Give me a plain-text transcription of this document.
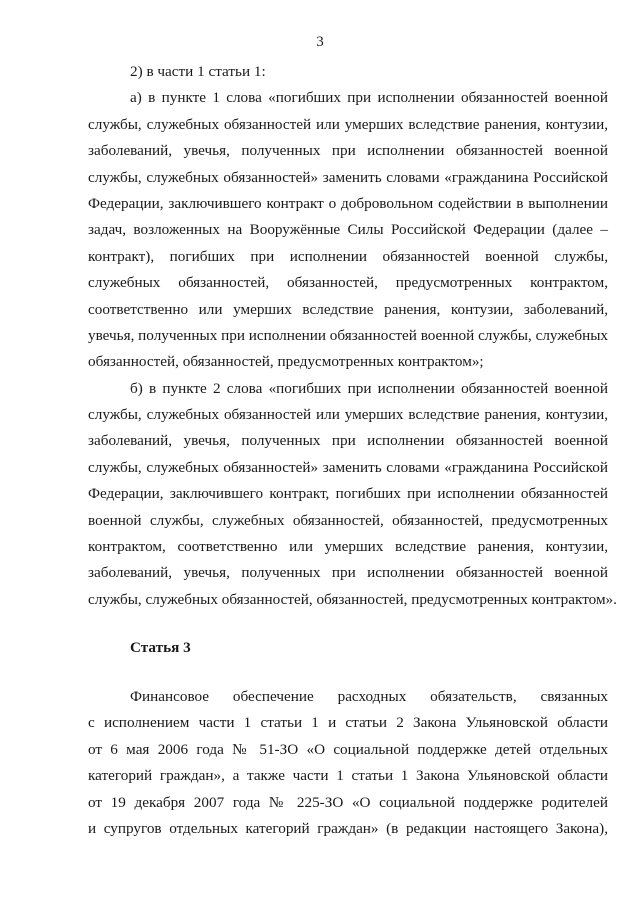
3
2) в части 1 статьи 1:
а) в пункте 1 слова «погибших при исполнении обязанностей военной
службы, служебных обязанностей или умерших вследствие ранения, контузии,
заболеваний, увечья, полученных при исполнении обязанностей военной
службы, служебных обязанностей» заменить словами «гражданина Российской
Федерации, заключившего контракт о добровольном содействии в выполнении
задач, возложенных на Вооружённые Силы Российской Федерации (далее –
контракт), погибших при исполнении обязанностей военной службы,
служебных обязанностей, обязанностей, предусмотренных контрактом,
соответственно или умерших вследствие ранения, контузии, заболеваний,
увечья, полученных при исполнении обязанностей военной службы, служебных
обязанностей, обязанностей, предусмотренных контрактом»;
б) в пункте 2 слова «погибших при исполнении обязанностей военной
службы, служебных обязанностей или умерших вследствие ранения, контузии,
заболеваний, увечья, полученных при исполнении обязанностей военной
службы, служебных обязанностей» заменить словами «гражданина Российской
Федерации, заключившего контракт, погибших при исполнении обязанностей
военной службы, служебных обязанностей, обязанностей, предусмотренных
контрактом, соответственно или умерших вследствие ранения, контузии,
заболеваний, увечья, полученных при исполнении обязанностей военной
службы, служебных обязанностей, обязанностей, предусмотренных контрактом».
Статья 3
Финансовое обеспечение расходных обязательств, связанных
с исполнением части 1 статьи 1 и статьи 2 Закона Ульяновской области
от 6 мая 2006 года № 51-ЗО «О социальной поддержке детей отдельных
категорий граждан», а также части 1 статьи 1 Закона Ульяновской области
от 19 декабря 2007 года № 225-ЗО «О социальной поддержке родителей
и супругов отдельных категорий граждан» (в редакции настоящего Закона),
